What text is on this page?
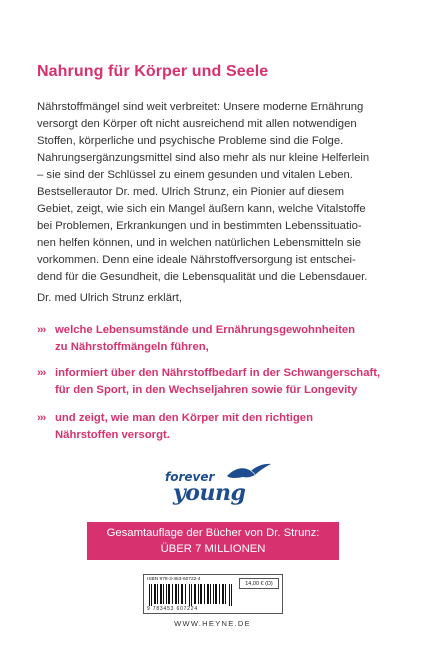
Nahrung für Körper und Seele
Nährstoffmängel sind weit verbreitet: Unsere moderne Ernährung
versorgt den Körper oft nicht ausreichend mit allen notwendigen
Stoffen, körperliche und psychische Probleme sind die Folge.
Nahrungsergänzungsmittel sind also mehr als nur kleine Helferlein
– sie sind der Schlüssel zu einem gesunden und vitalen Leben.
Bestsellerautor Dr. med. Ulrich Strunz, ein Pionier auf diesem
Gebiet, zeigt, wie sich ein Mangel äußern kann, welche Vitalstoffe
bei Problemen, Erkrankungen und in bestimmten Lebenssituatio-
nen helfen können, und in welchen natürlichen Lebensmitteln sie
vorkommen. Denn eine ideale Nährstoffversorgung ist entschei-
dend für die Gesundheit, die Lebensqualität und die Lebensdauer.
Dr. med Ulrich Strunz erklärt,
››› welche Lebensumstände und Ernährungsgewohnheiten
zu Nährstoffmängeln führen,
››› informiert über den Nährstoffbedarf in der Schwangerschaft,
für den Sport, in den Wechseljahren sowie für Longevity
››› und zeigt, wie man den Körper mit den richtigen
Nährstoffen versorgt.
forever
young
Gesamtauflage der Bücher von Dr. Strunz:
ÜBER 7 MILLIONEN
ISBN 978-3-453-60722-4
14,00 € (D)
9 783453 607224
WWW.HEYNE.DE
